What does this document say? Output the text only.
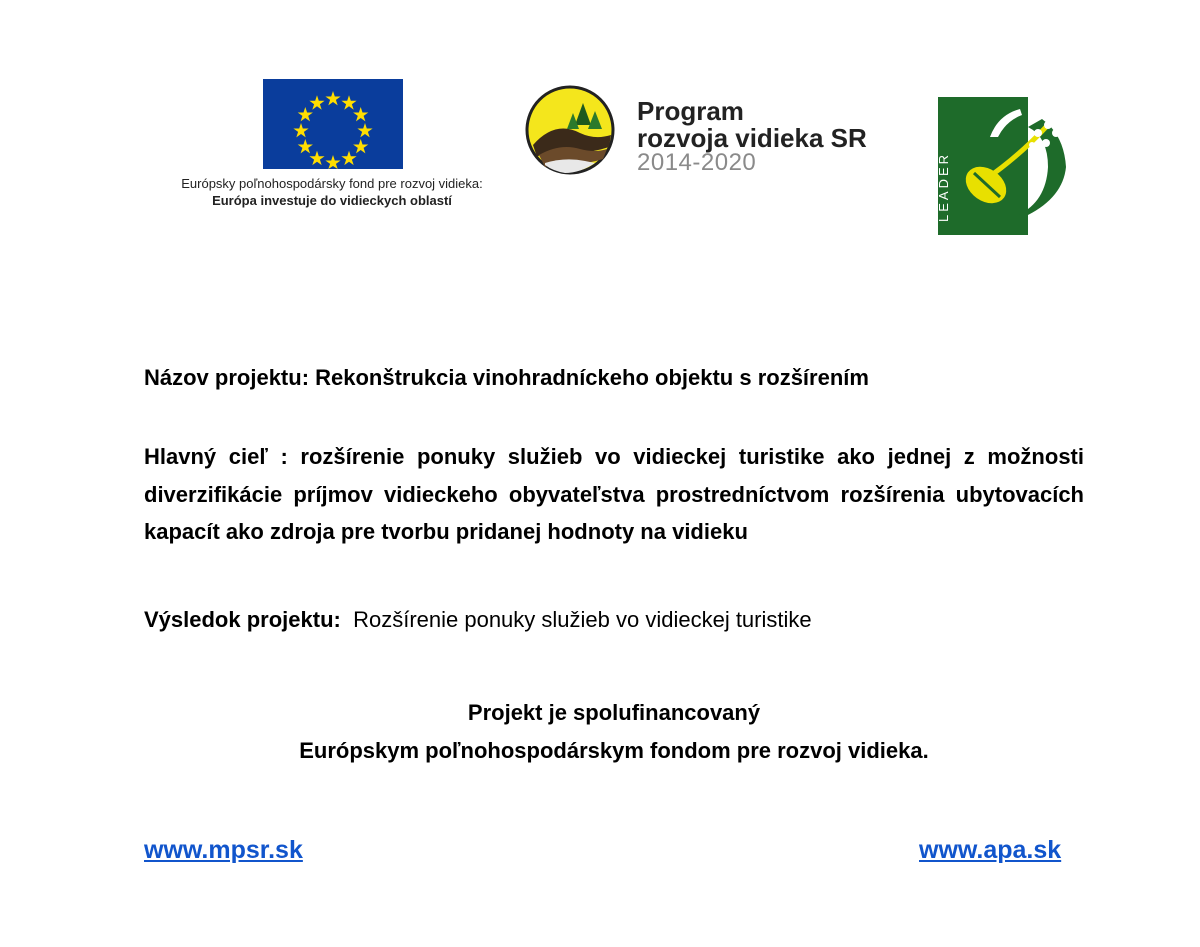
Európsky poľnohospodársky fond pre rozvoj vidieka:
Európa investuje do vidieckych oblastí
Program
rozvoja vidieka SR
2014-2020	LEADER
Názov projektu: Rekonštrukcia vinohradníckeho objektu s rozšírením
Hlavný cieľ : rozšírenie ponuky služieb vo vidieckej turistike ako jednej z možnosti diverzifikácie príjmov vidieckeho obyvateľstva prostredníctvom rozšírenia ubytovacích kapacít ako zdroja pre tvorbu pridanej hodnoty na vidieku
Výsledok projektu: Rozšírenie ponuky služieb vo vidieckej turistike
Projekt je spolufinancovaný
Európskym poľnohospodárskym fondom pre rozvoj vidieka.
www.mpsr.sk	www.apa.sk
